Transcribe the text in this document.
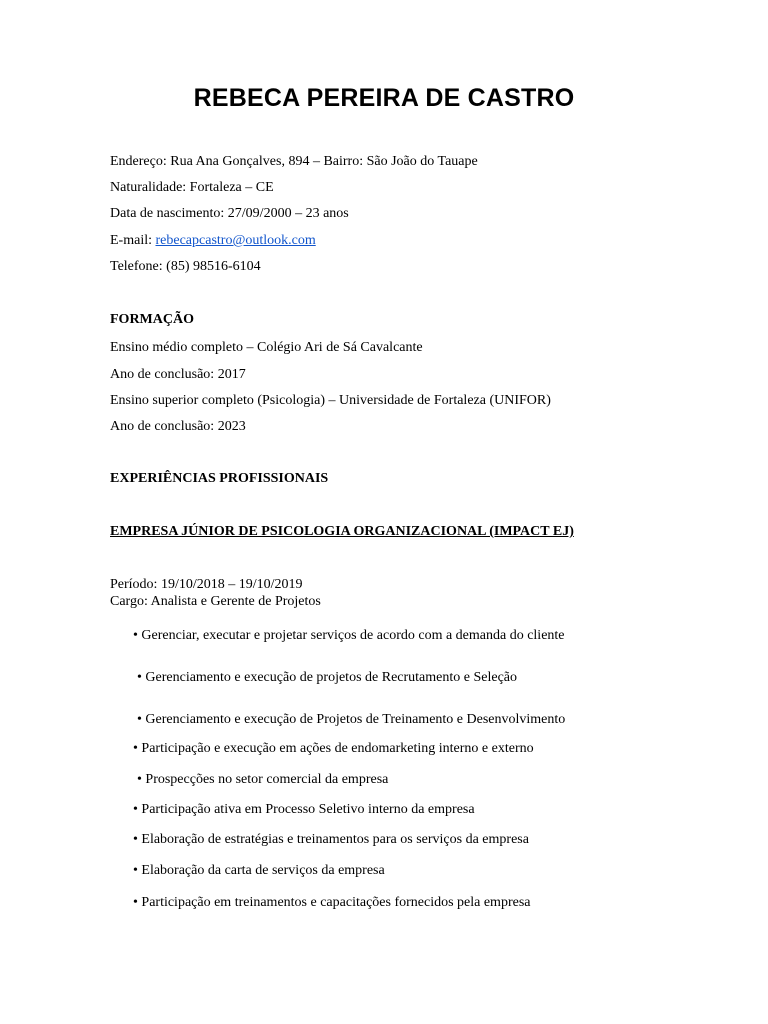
REBECA PEREIRA DE CASTRO
Endereço: Rua Ana Gonçalves, 894 – Bairro: São João do Tauape
Naturalidade: Fortaleza – CE
Data de nascimento: 27/09/2000 – 23 anos
E-mail: rebecapcastro@outlook.com
Telefone: (85) 98516-6104
FORMAÇÃO
Ensino médio completo – Colégio Ari de Sá Cavalcante
Ano de conclusão: 2017
Ensino superior completo (Psicologia) – Universidade de Fortaleza (UNIFOR)
Ano de conclusão: 2023
EXPERIÊNCIAS PROFISSIONAIS
EMPRESA JÚNIOR DE PSICOLOGIA ORGANIZACIONAL (IMPACT EJ)
Período: 19/10/2018 – 19/10/2019
Cargo: Analista e Gerente de Projetos
• Gerenciar, executar e projetar serviços de acordo com a demanda do cliente
• Gerenciamento e execução de projetos de Recrutamento e Seleção
• Gerenciamento e execução de Projetos de Treinamento e Desenvolvimento
• Participação e execução em ações de endomarketing interno e externo
• Prospecções no setor comercial da empresa
• Participação ativa em Processo Seletivo interno da empresa
• Elaboração de estratégias e treinamentos para os serviços da empresa
• Elaboração da carta de serviços da empresa
• Participação em treinamentos e capacitações fornecidos pela empresa
